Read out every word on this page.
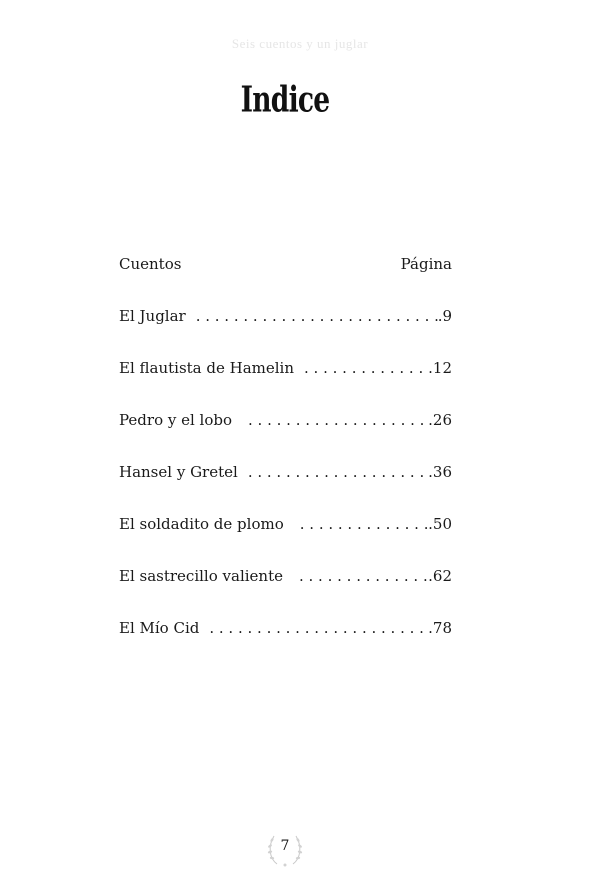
Seis cuentos y un juglar
Indice
Cuentos	Página
El Juglar . . .	.9
El flautista de Hamelin . . .	.12
Pedro y el lobo . . .	.26
Hansel y Gretel . . .	.36
El soldadito de plomo . . .	.50
El sastrecillo valiente . . .	.62
El Mío Cid . . .	.78
7
